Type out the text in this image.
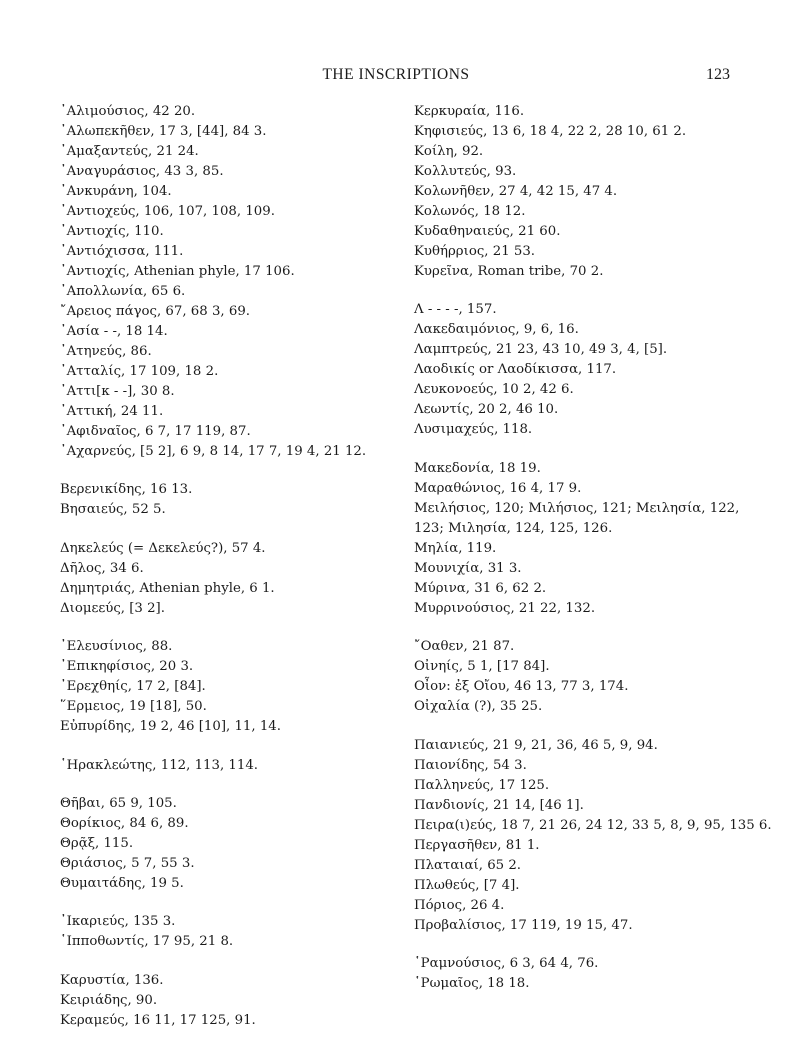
THE INSCRIPTIONS	123
᾿Αλιμούσιος, 42 20.
᾿Αλωπεκῆθεν, 17 3, [44], 84 3.
᾿Αμαξαντεύς, 21 24.
᾿Αναγυράσιος, 43 3, 85.
᾿Ανκυράνη, 104.
᾿Αντιοχεύς, 106, 107, 108, 109.
᾿Αντιοχίς, 110.
᾿Αντιόχισσα, 111.
᾿Αντιοχίς, Athenian phyle, 17 106.
᾿Απολλωνία, 65 6.
῎Αρειος πάγος, 67, 68 3, 69.
᾿Ασία - -, 18 14.
᾿Ατηνεύς, 86.
᾿Ατταλίς, 17 109, 18 2.
᾿Αττι[κ - -], 30 8.
᾿Αττική, 24 11.
᾿Αφιδναῖος, 6 7, 17 119, 87.
᾿Αχαρνεύς, [5 2], 6 9, 8 14, 17 7, 19 4, 21 12.
Βερενικίδης, 16 13.
Βησαιεύς, 52 5.
Δηκελεύς (= Δεκελεύς?), 57 4.
Δῆλος, 34 6.
Δημητριάς, Athenian phyle, 6 1.
Διομεεύς, [3 2].
᾿Ελευσίνιος, 88.
᾿Επικηφίσιος, 20 3.
᾿Ερεχθηίς, 17 2, [84].
῞Ερμειος, 19 [18], 50.
Εὐπυρίδης, 19 2, 46 [10], 11, 14.
῾Ηρακλεώτης, 112, 113, 114.
Θῆβαι, 65 9, 105.
Θορίκιος, 84 6, 89.
Θρᾷξ, 115.
Θριάσιος, 5 7, 55 3.
Θυμαιτάδης, 19 5.
᾿Ικαριεύς, 135 3.
῾Ιπποθωντίς, 17 95, 21 8.
Καρυστία, 136.
Κειριάδης, 90.
Κεραμεύς, 16 11, 17 125, 91.
Κερκυραία, 116.
Κηφισιεύς, 13 6, 18 4, 22 2, 28 10, 61 2.
Κοίλη, 92.
Κολλυτεύς, 93.
Κολωνῆθεν, 27 4, 42 15, 47 4.
Κολωνός, 18 12.
Κυδαθηναιεύς, 21 60.
Κυθήρριος, 21 53.
Κυρεῖνα, Roman tribe, 70 2.
Λ - - - -, 157.
Λακεδαιμόνιος, 9, 6, 16.
Λαμπτρεύς, 21 23, 43 10, 49 3, 4, [5].
Λαοδικίς or Λαοδίκισσα, 117.
Λευκονοεύς, 10 2, 42 6.
Λεωντίς, 20 2, 46 10.
Λυσιμαχεύς, 118.
Μακεδονία, 18 19.
Μαραθώνιος, 16 4, 17 9.
Μειλήσιος, 120; Μιλήσιος, 121; Μειλησία, 122, 123; Μιλησία, 124, 125, 126.
Μηλία, 119.
Μουνιχία, 31 3.
Μύρινα, 31 6, 62 2.
Μυρρινούσιος, 21 22, 132.
῎Οαθεν, 21 87.
Οἰνηίς, 5 1, [17 84].
Οἶον: ἐξ Οἴου, 46 13, 77 3, 174.
Οἰχαλία (?), 35 25.
Παιανιεύς, 21 9, 21, 36, 46 5, 9, 94.
Παιονίδης, 54 3.
Παλληνεύς, 17 125.
Πανδιονίς, 21 14, [46 1].
Πειρα(ι)εύς, 18 7, 21 26, 24 12, 33 5, 8, 9, 95, 135 6.
Περγασῆθεν, 81 1.
Πλαταιαί, 65 2.
Πλωθεύς, [7 4].
Πόριος, 26 4.
Προβαλίσιος, 17 119, 19 15, 47.
῾Ραμνούσιος, 6 3, 64 4, 76.
῾Ρωμαῖος, 18 18.
